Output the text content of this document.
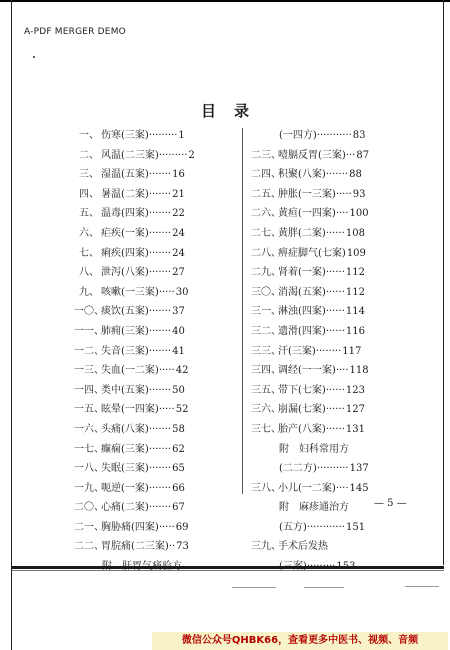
A-PDF MERGER DEMO
目录
一、 伤寒(三案) ········· 1
二、 风温(二三案) ········· 2
三、 湿温(五案) ······· 16
四、 暑温(二案) ······· 21
五、 温毒(四案) ······· 22
六、 疟疾(一案) ······· 24
七、 痢疾(四案) ······· 24
八、 泄泻(八案) ······· 27
九、 咳嗽(一三案) ····· 30
一〇、
痰饮(五案) ······· 37
一一、
肺痈(三案) ······· 40
一二、
失音(三案) ······· 41
一三、
失血(一二案) ····· 42
一四、
类中(五案) ······· 50
一五、
眩晕(一四案) ····· 52
一六、
头痛(八案) ······· 58
一七、
癫痫(三案) ······· 62
一八、
失眠(三案) ······· 65
一九、
呃逆(一案) ······· 66
二〇、
心痛(二案) ······· 67
二一、
胸胁痛(四案) ····· 69
二二、
胃脘痛(二三案) ·· 73
(一四方) ··········· 83
二三、
噎膈反胃(三案) ··· 87
二四、
积聚(八案) ······· 88
二五、
肿胀(一三案) ····· 93
二六、
黄疸(一四案) ···· 100
二七、
黄胖(二案) ······ 108
二八、
痹症脚气(七案) 109
二九、
肾着(一案) ······ 112
三〇、
消渴(五案) ······ 112
三一、
淋浊(四案) ······ 114
三二、
遗滑(四案) ······ 116
三三、
汗(三案) ········ 117
三四、
调经(一一案) ···· 118
三五、
带下(七案) ······ 123
三六、
崩漏(七案) ······ 127
三七、
胎产(八案) ······ 131
附　妇科常用方
(二二方) ·········· 137
三八、
小儿(一二案) ···· 145
附　麻疹通治方
(五方) ············ 151
三九、
手术后发热
— 5 —
微信公众号QHBK66，查看更多中医书、视频、音频
